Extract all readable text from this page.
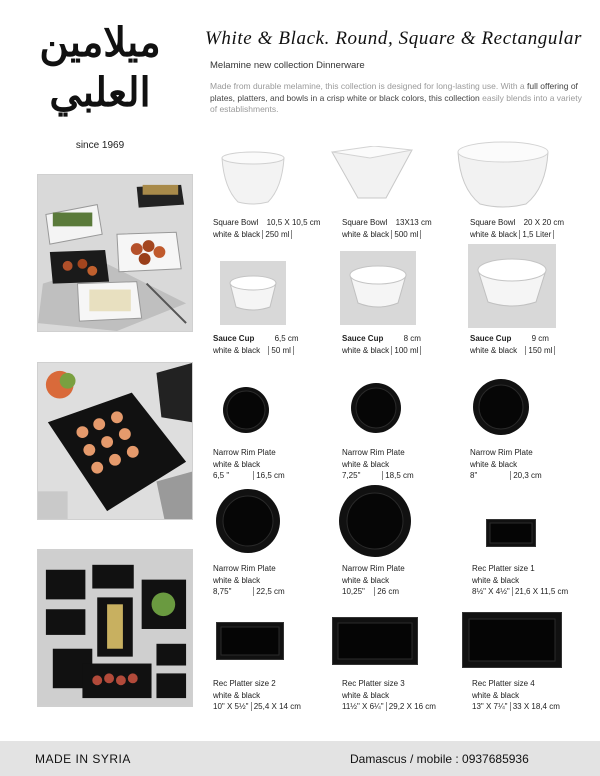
ميلامين
العلبي
since 1969
White & Black. Round, Square & Rectangular
Melamine new collection Dinnerware
Made from durable melamine, this collection is designed for long-lasting use. With a full offering of plates, platters, and bowls in a crisp white or black colors, this collection easily blends into a variety of establishments.
Square Bowl 10,5 X 10,5 cm
white & black 250 ml
Square Bowl 13X13 cm
white & black 500 ml
Square Bowl 20 X 20 cm
white & black 1,5 Liter
Sauce Cup	6,5 cm
white & black 50 ml
Sauce Cup	8 cm
white & black 100 ml
Sauce Cup	9 cm
white & black 150 ml
Narrow Rim Plate
white & black
6,5 "	16,5 cm
Narrow Rim Plate
white & black
7,25"	18,5 cm
Narrow Rim Plate
white & black
8"	20,3 cm
Narrow Rim Plate
white & black
8,75"	22,5 cm
Narrow Rim Plate
white & black
10,25" 26 cm
Rec Platter size 1
white & black
8½" X 4½" 21,6 X 11,5 cm
Rec Platter size 2
white & black
10" X 5½" 25,4 X 14 cm
Rec Platter size 3
white & black
11½" X 6¼" 29,2 X 16 cm
Rec Platter size 4
white & black
13" X 7¼" 33 X 18,4 cm
MADE IN SYRIA	Damascus / mobile : 0937685936
